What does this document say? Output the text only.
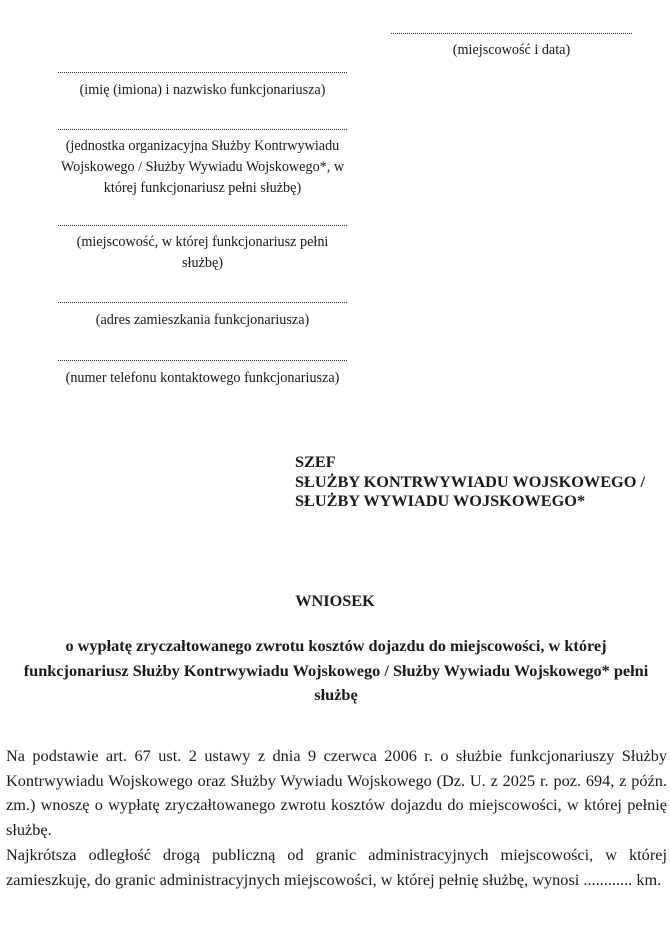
(miejscowość i data)
(imię (imiona) i nazwisko funkcjonariusza)
(jednostka organizacyjna Służby Kontrwywiadu Wojskowego / Służby Wywiadu Wojskowego*, w której funkcjonariusz pełni służbę)
(miejscowość, w której funkcjonariusz pełni służbę)
(adres zamieszkania funkcjonariusza)
(numer telefonu kontaktowego funkcjonariusza)
SZEF
SŁUŻBY KONTRWYWIADU WOJSKOWEGO /
SŁUŻBY WYWIADU WOJSKOWEGO*
WNIOSEK
o wypłatę zryczałtowanego zwrotu kosztów dojazdu do miejscowości, w której funkcjonariusz Służby Kontrwywiadu Wojskowego / Służby Wywiadu Wojskowego* pełni służbę
Na podstawie art. 67 ust. 2 ustawy z dnia 9 czerwca 2006 r. o służbie funkcjonariuszy Służby Kontrwywiadu Wojskowego oraz Służby Wywiadu Wojskowego (Dz. U. z 2025 r. poz. 694, z późn. zm.) wnoszę o wypłatę zryczałtowanego zwrotu kosztów dojazdu do miejscowości, w której pełnię służbę.
Najkrótsza odległość drogą publiczną od granic administracyjnych miejscowości, w której zamieszkuję, do granic administracyjnych miejscowości, w której pełnię służbę, wynosi ............ km.
